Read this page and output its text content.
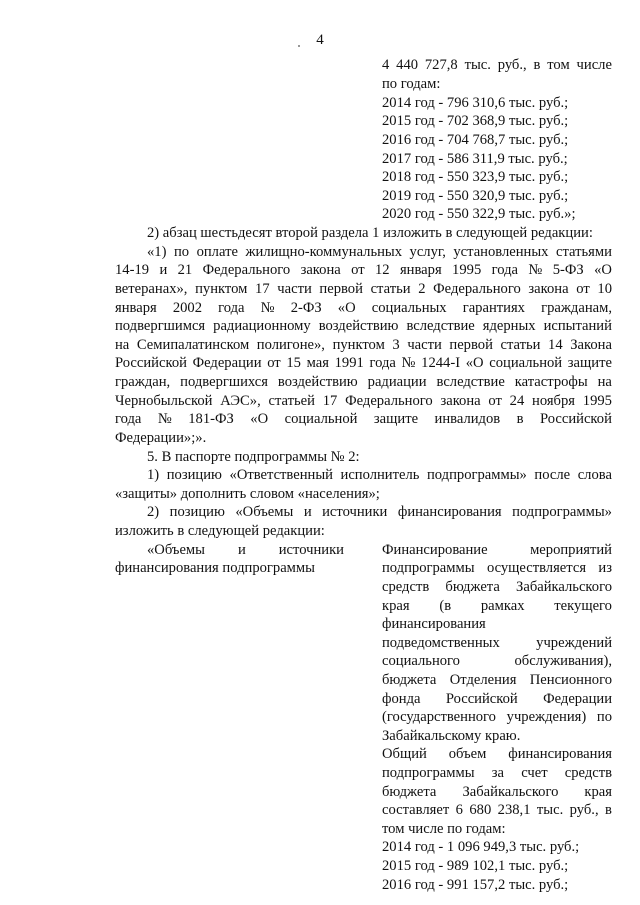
4
4 440 727,8 тыс. руб., в том числе
по годам:
2014 год - 796 310,6 тыс. руб.;
2015 год - 702 368,9 тыс. руб.;
2016 год - 704 768,7 тыс. руб.;
2017 год - 586 311,9 тыс. руб.;
2018 год - 550 323,9 тыс. руб.;
2019 год - 550 320,9 тыс. руб.;
2020 год - 550 322,9 тыс. руб.»;
2) абзац шестьдесят второй раздела 1 изложить в следующей редакции:
«1) по оплате жилищно-коммунальных услуг, установленных статьями
14-19 и 21 Федерального закона от 12 января 1995 года № 5-ФЗ «О
ветеранах», пунктом 17 части первой статьи 2 Федерального закона от 10
января 2002 года № 2-ФЗ «О социальных гарантиях гражданам,
подвергшимся радиационному воздействию вследствие ядерных испытаний
на Семипалатинском полигоне», пунктом 3 части первой статьи 14 Закона
Российской Федерации от 15 мая 1991 года № 1244-I «О социальной защите
граждан, подвергшихся воздействию радиации вследствие катастрофы на
Чернобыльской АЭС», статьей 17 Федерального закона от 24 ноября 1995
года № 181-ФЗ «О социальной защите инвалидов в Российской
Федерации»;».
5. В паспорте подпрограммы № 2:
1) позицию «Ответственный исполнитель подпрограммы» после слова
«защиты» дополнить словом «населения»;
2) позицию «Объемы и источники финансирования подпрограммы»
изложить в следующей редакции:
«Объемы и источники
финансирования подпрограммы
Финансирование	мероприятий
подпрограммы осуществляется из
средств бюджета Забайкальского
края (в рамках текущего
финансирования
подведомственных учреждений
социального	обслуживания),
бюджета Отделения Пенсионного
фонда Российской Федерации
(государственного учреждения) по
Забайкальскому краю.
Общий объем финансирования
подпрограммы за счет средств
бюджета Забайкальского края
составляет 6 680 238,1 тыс. руб., в
том числе по годам:
2014 год - 1 096 949,3 тыс. руб.;
2015 год - 989 102,1 тыс. руб.;
2016 год - 991 157,2 тыс. руб.;
